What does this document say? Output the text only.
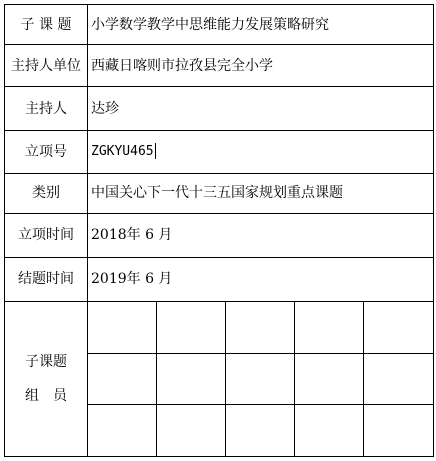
子 课 题	小学数学教学中思维能力发展策略研究				
主持人单位	西藏日喀则市拉孜县完全小学				
主持人	达珍				
立项号	ZGKYU465				
类别	中国关心下一代十三五国家规划重点课题				
立项时间	2018年 6 月				
结题时间	2019年 6 月				

子课题
组　员					
